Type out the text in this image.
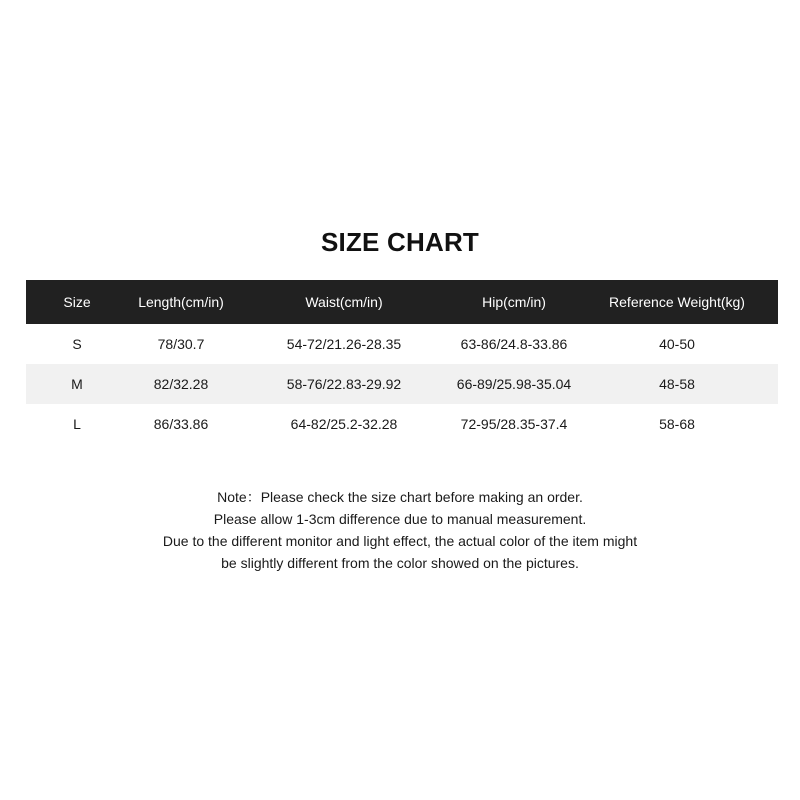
SIZE CHART
Size	Length(cm/in)	Waist(cm/in)	Hip(cm/in)	Reference Weight(kg)
S	78/30.7	54-72/21.26-28.35	63-86/24.8-33.86	40-50
M	82/32.28	58-76/22.83-29.92	66-89/25.98-35.04	48-58
L	86/33.86	64-82/25.2-32.28	72-95/28.35-37.4	58-68
Note：Please check the size chart before making an order.
Please allow 1-3cm difference due to manual measurement.
Due to the different monitor and light effect, the actual color of the item might
be slightly different from the color showed on the pictures.
